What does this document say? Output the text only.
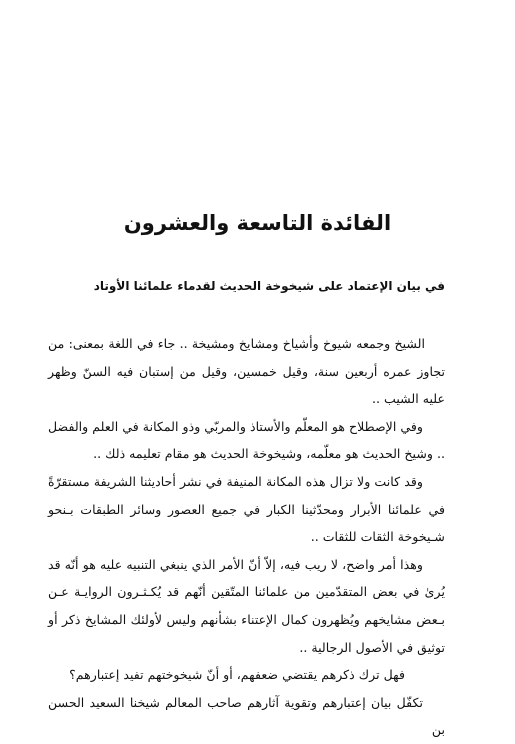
الفائدة التاسعة والعشرون
في بيان الإعتماد على شيخوخة الحديث لقدماء علمائنا الأوتاد

الشيخ وجمعه شيوخ وأشياخ ومشايخ ومشيخة .. جاء في اللغة بمعنى: من تجاوز عمره أربعين سنة، وقيل خمسين، وقيل من إستبان فيه السنّ وظهر عليه الشيب ..

وفي الإصطلاح هو المعلّم والأستاذ والمربّي وذو المكانة في العلم والفضل .. وشيخ الحديث هو معلّمه، وشيخوخة الحديث هو مقام تعليمه ذلك ..

وقد كانت ولا تزال هذه المكانة المنيفة في نشر أحاديثنا الشريفة مستقرّةً في علمائنا الأبرار ومحدّثينا الكبار في جميع العصور وسائر الطبقات بـنحو شـيخوخة الثقات للثقات ..

وهذا أمر واضح، لا ريب فيه، إلاّ أنّ الأمر الذي ينبغي التنبيه عليه هو أنّه قد يُرىٰ في بعض المتقدّمين من علمائنا المتّقين أنّهم قد يُكـثـرون الروايـة عـن بـعض مشايخهم ويُظهرون كمال الإعتناء بشأنهم وليس لأولئك المشايخ ذكر أو توثيق في الأصول الرجالية ..

فهل ترك ذكرهم يقتضي ضعفهم، أو أنّ شيخوختهم تفيد إعتبارهم؟

تكفّل بيان إعتبارهم وتقوية آثارهم صاحب المعالم شيخنا السعيد الحسن بن
